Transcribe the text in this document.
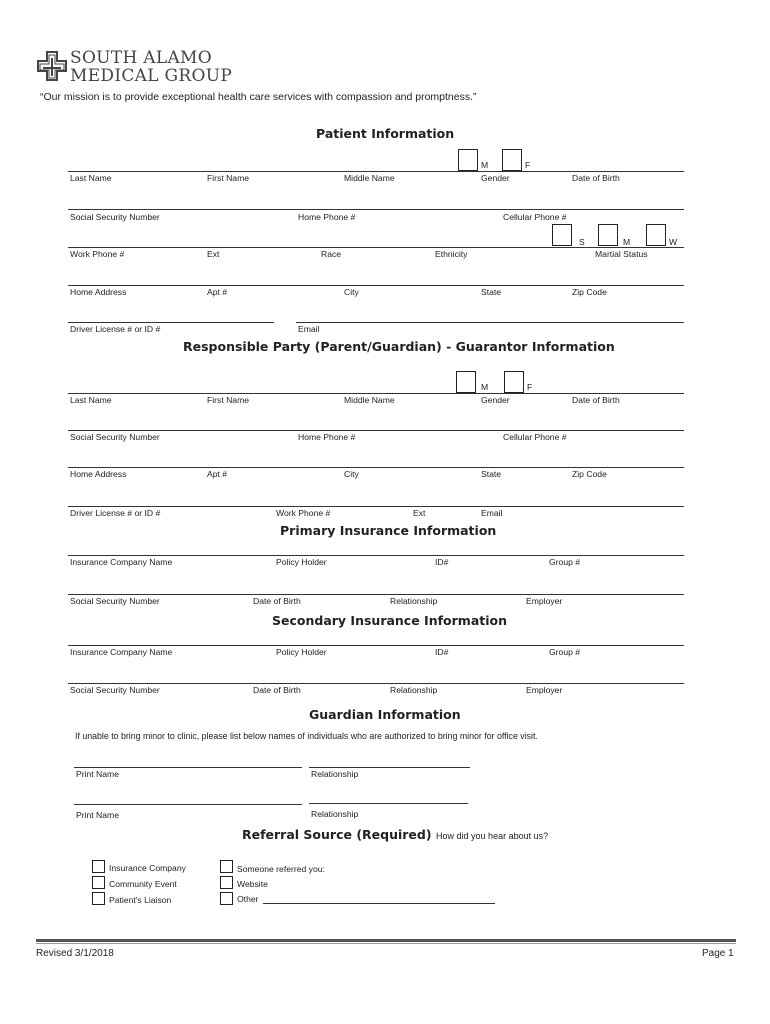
SOUTH ALAMO
MEDICAL GROUP
“Our mission is to provide exceptional health care services with compassion and promptness.”
Patient Information
M	F
Last Name	First Name	Middle Name	Gender	Date of Birth
Social Security Number	Home Phone #	Cellular Phone #
S	M	W
Work Phone #	Ext	Race	Ethnicity	Martial Status
Home Address	Apt #	City	State	Zip Code
Driver License # or ID #	Email
Responsible Party (Parent/Guardian) - Guarantor Information
M	F
Last Name	First Name	Middle Name	Gender	Date of Birth
Social Security Number	Home Phone #	Cellular Phone #
Home Address	Apt #	City	State	Zip Code
Driver License # or ID #	Work Phone #	Ext	Email
Primary Insurance Information
Insurance Company Name	Policy Holder	ID#	Group #
Social Security Number	Date of Birth	Relationship	Employer
Secondary Insurance Information
Insurance Company Name	Policy Holder	ID#	Group #
Social Security Number	Date of Birth	Relationship	Employer
Guardian Information
If unable to bring minor to clinic, please list below names of individuals who are authorized to bring minor for office visit.
Print Name	Relationship
Print Name	Relationship
Referral Source (Required) How did you hear about us?
Insurance Company
Community Event
Patient's Liaison
Someone referred you:
Website
Other
Revised 3/1/2018	Page 1
